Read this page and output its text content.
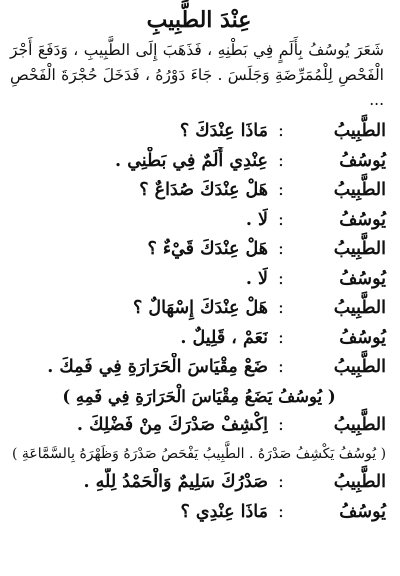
عِنْدَ الطَّبِيبِ
شَعَرَ يُوسُفُ بِأَلَمٍ فِي بَطْنِهِ ، فَذَهَبَ إِلَى الطَّبِيبِ ، وَدَفَعَ أَجْرَ الْفَحْصِ لِلْمُمَرِّضَةِ وَجَلَسَ . جَاءَ دَوْرُهُ ، فَدَخَلَ حُجْرَةَ الْفَحْصِ ...
الطَّبِيبُ
:
مَاذَا عِنْدَكَ ؟
يُوسُفُ
:
عِنْدِي أَلَمٌ فِي بَطْنِي .
الطَّبِيبُ
:
هَلْ عِنْدَكَ صُدَاعٌ ؟
يُوسُفُ
:
لَا .
الطَّبِيبُ
:
هَلْ عِنْدَكَ قَيْءٌ ؟
يُوسُفُ
:
لَا .
الطَّبِيبُ
:
هَلْ عِنْدَكَ إِسْهَالٌ ؟
يُوسُفُ
:
نَعَمْ ، قَلِيلٌ .
الطَّبِيبُ
:
ضَعْ مِقْيَاسَ الْحَرَارَةِ فِي فَمِكَ .
( يُوسُفُ يَضَعُ مِقْيَاسَ الْحَرَارَةِ فِي فَمِهِ )
الطَّبِيبُ
:
اِكْشِفْ صَدْرَكَ مِنْ فَضْلِكَ .
( يُوسُفُ يَكْشِفُ صَدْرَهُ . الطَّبِيبُ يَفْحَصُ صَدْرَهُ وَظَهْرَهُ بِالسَّمَّاعَةِ )
الطَّبِيبُ
:
صَدْرُكَ سَلِيمٌ وَالْحَمْدُ لِلَّهِ .
يُوسُفُ
:
مَاذَا عِنْدِي ؟
